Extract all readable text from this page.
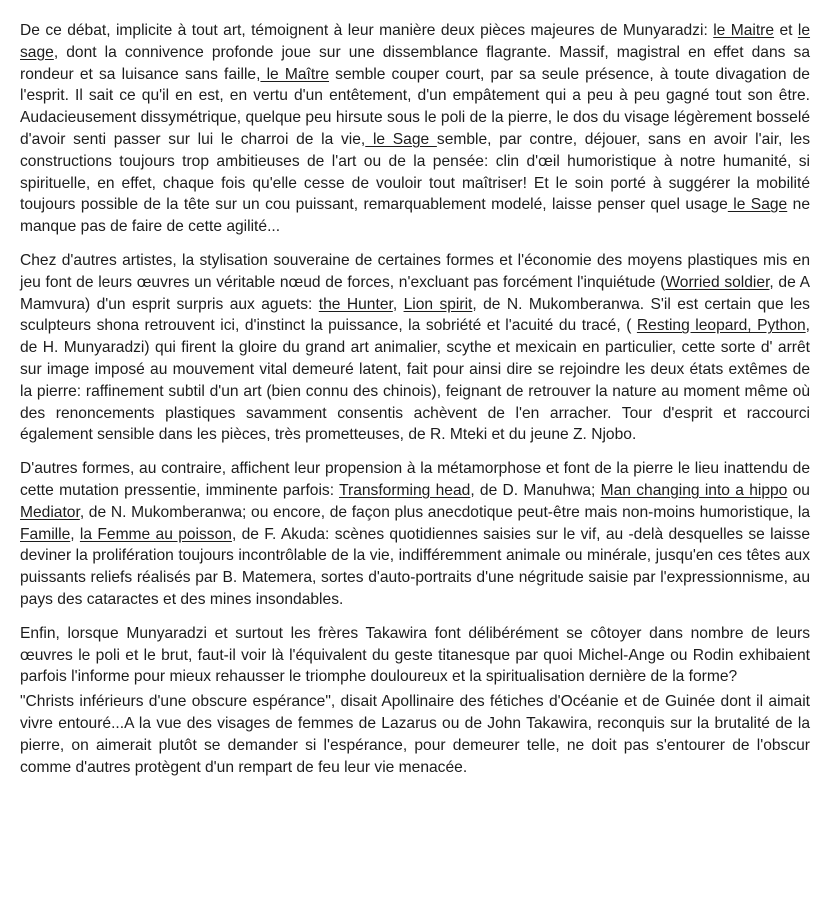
De ce débat, implicite à tout art, témoignent à leur manière deux pièces majeures de Munyaradzi: le Maitre et le sage, dont la connivence profonde joue sur une dissemblance flagrante. Massif, magistral en effet dans sa rondeur et sa luisance sans faille, le Maître semble couper court, par sa seule présence, à toute divagation de l'esprit. Il sait ce qu'il en est, en vertu d'un entêtement, d'un empâtement qui a peu à peu gagné tout son être. Audacieusement dissymétrique, quelque peu hirsute sous le poli de la pierre, le dos du visage légèrement bosselé d'avoir senti passer sur lui le charroi de la vie, le Sage semble, par contre, déjouer, sans en avoir l'air, les constructions toujours trop ambitieuses de l'art ou de la pensée: clin d'œil humoristique à notre humanité, si spirituelle, en effet, chaque fois qu'elle cesse de vouloir tout maîtriser! Et le soin porté à suggérer la mobilité toujours possible de la tête sur un cou puissant, remarquablement modelé, laisse penser quel usage le Sage ne manque pas de faire de cette agilité...

Chez d'autres artistes, la stylisation souveraine de certaines formes et l'économie des moyens plastiques mis en jeu font de leurs œuvres un véritable nœud de forces, n'excluant pas forcément l'inquiétude (Worried soldier, de A Mamvura) d'un esprit surpris aux aguets: the Hunter, Lion spirit, de N. Mukomberanwa. S'il est certain que les sculpteurs shona retrouvent ici, d'instinct la puissance, la sobriété et l'acuité du tracé, ( Resting leopard, Python, de H. Munyaradzi) qui firent la gloire du grand art animalier, scythe et mexicain en particulier, cette sorte d' arrêt sur image imposé au mouvement vital demeuré latent, fait pour ainsi dire se rejoindre les deux états extêmes de la pierre: raffinement subtil d'un art (bien connu des chinois), feignant de retrouver la nature au moment même où des renoncements plastiques savamment consentis achèvent de l'en arracher. Tour d'esprit et raccourci également sensible dans les pièces, très prometteuses, de R. Mteki et du jeune Z. Njobo.

D'autres formes, au contraire, affichent leur propension à la métamorphose et font de la pierre le lieu inattendu de cette mutation pressentie, imminente parfois: Transforming head, de D. Manuhwa; Man changing into a hippo ou Mediator, de N. Mukomberanwa; ou encore, de façon plus anecdotique peut-être mais non-moins humoristique, la Famille, la Femme au poisson, de F. Akuda: scènes quotidiennes saisies sur le vif, au -delà desquelles se laisse deviner la prolifération toujours incontrôlable de la vie, indifféremment animale ou minérale, jusqu'en ces têtes aux puissants reliefs réalisés par B. Matemera, sortes d'auto-portraits d'une négritude saisie par l'expressionnisme, au pays des cataractes et des mines insondables.

Enfin, lorsque Munyaradzi et surtout les frères Takawira font délibérément se côtoyer dans nombre de leurs œuvres le poli et le brut, faut-il voir là l'équivalent du geste titanesque par quoi Michel-Ange ou Rodin exhibaient parfois l'informe pour mieux rehausser le triomphe douloureux et la spiritualisation dernière de la forme?

"Christs inférieurs d'une obscure espérance", disait Apollinaire des fétiches d'Océanie et de Guinée dont il aimait vivre entouré...A la vue des visages de femmes de Lazarus ou de John Takawira, reconquis sur la brutalité de la pierre, on aimerait plutôt se demander si l'espérance, pour demeurer telle, ne doit pas s'entourer de l'obscur comme d'autres protègent d'un rempart de feu leur vie menacée.
